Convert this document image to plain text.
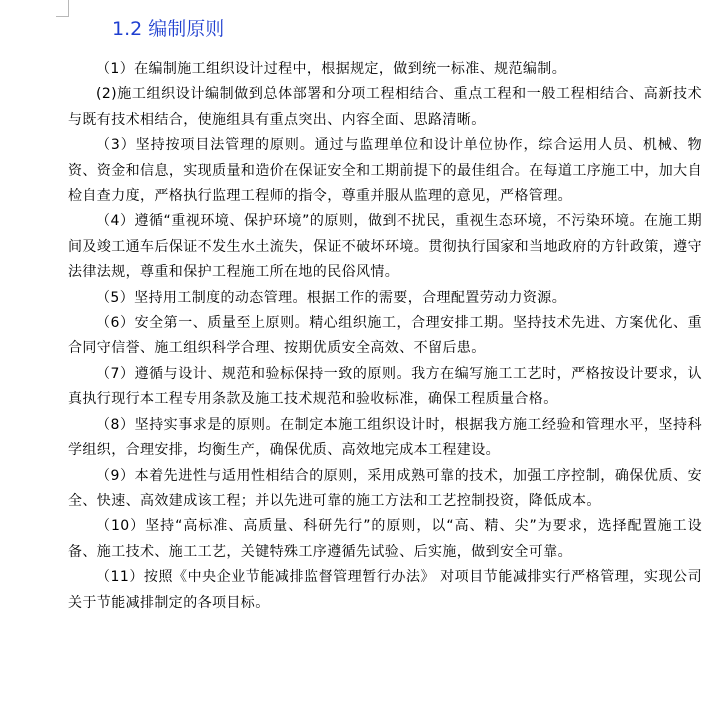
1.2 编制原则

（1）在编制施工组织设计过程中，根据规定，做到统一标准、规范编制。

(2)施工组织设计编制做到总体部署和分项工程相结合、重点工程和一般工程相结合、高新技术与既有技术相结合，使施组具有重点突出、内容全面、思路清晰。

（3）坚持按项目法管理的原则。通过与监理单位和设计单位协作，综合运用人员、机械、物资、资金和信息，实现质量和造价在保证安全和工期前提下的最佳组合。在每道工序施工中，加大自检自查力度，严格执行监理工程师的指令，尊重并服从监理的意见，严格管理。

（4）遵循“重视环境、保护环境”的原则，做到不扰民，重视生态环境，不污染环境。在施工期间及竣工通车后保证不发生水土流失，保证不破坏环境。贯彻执行国家和当地政府的方针政策，遵守法律法规，尊重和保护工程施工所在地的民俗风情。

（5）坚持用工制度的动态管理。根据工作的需要，合理配置劳动力资源。

（6）安全第一、质量至上原则。精心组织施工，合理安排工期。坚持技术先进、方案优化、重合同守信誉、施工组织科学合理、按期优质安全高效、不留后患。

（7）遵循与设计、规范和验标保持一致的原则。我方在编写施工工艺时，严格按设计要求，认真执行现行本工程专用条款及施工技术规范和验收标准，确保工程质量合格。

（8）坚持实事求是的原则。在制定本施工组织设计时，根据我方施工经验和管理水平，坚持科学组织，合理安排，均衡生产，确保优质、高效地完成本工程建设。

（9）本着先进性与适用性相结合的原则，采用成熟可靠的技术，加强工序控制，确保优质、安全、快速、高效建成该工程；并以先进可靠的施工方法和工艺控制投资，降低成本。

（10）坚持“高标准、高质量、科研先行”的原则，以“高、精、尖”为要求，选择配置施工设备、施工技术、施工工艺，关键特殊工序遵循先试验、后实施，做到安全可靠。

（11）按照《中央企业节能减排监督管理暂行办法》 对项目节能减排实行严格管理，实现公司关于节能减排制定的各项目标。
